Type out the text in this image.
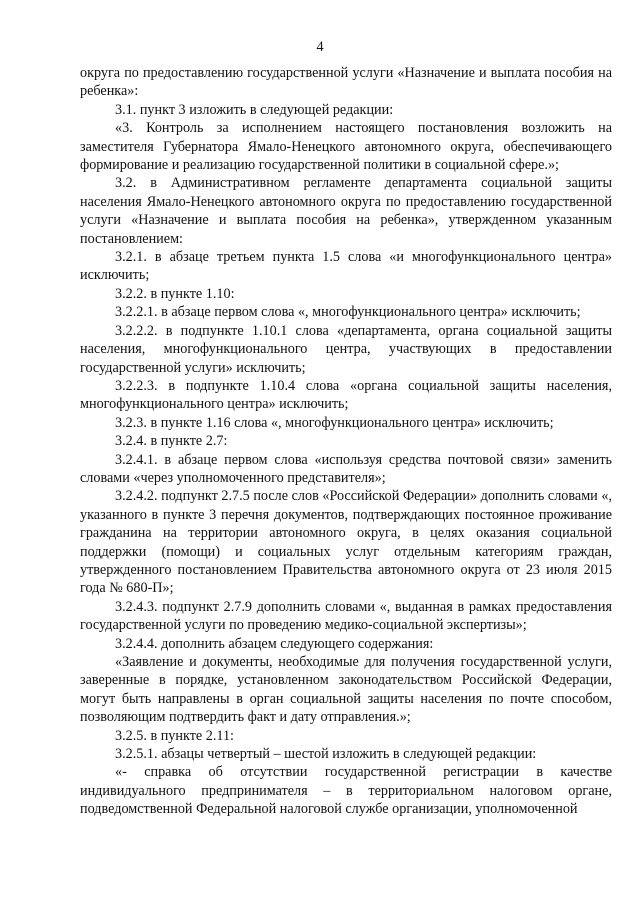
4

округа по предоставлению государственной услуги «Назначение и выплата пособия на ребенка»:

3.1. пункт 3 изложить в следующей редакции:

«3. Контроль за исполнением настоящего постановления возложить на заместителя Губернатора Ямало-Ненецкого автономного округа, обеспечивающего формирование и реализацию государственной политики в социальной сфере.»;

3.2. в Административном регламенте департамента социальной защиты населения Ямало-Ненецкого автономного округа по предоставлению государственной услуги «Назначение и выплата пособия на ребенка», утвержденном указанным постановлением:

3.2.1. в абзаце третьем пункта 1.5 слова «и многофункционального центра» исключить;

3.2.2. в пункте 1.10:

3.2.2.1. в абзаце первом слова «, многофункционального центра» исключить;

3.2.2.2. в подпункте 1.10.1 слова «департамента, органа социальной защиты населения, многофункционального центра, участвующих в предоставлении государственной услуги» исключить;

3.2.2.3. в подпункте 1.10.4 слова «органа социальной защиты населения, многофункционального центра» исключить;

3.2.3. в пункте 1.16 слова «, многофункционального центра» исключить;

3.2.4. в пункте 2.7:

3.2.4.1. в абзаце первом слова «используя средства почтовой связи» заменить словами «через уполномоченного представителя»;

3.2.4.2. подпункт 2.7.5 после слов «Российской Федерации» дополнить словами «, указанного в пункте 3 перечня документов, подтверждающих постоянное проживание гражданина на территории автономного округа, в целях оказания социальной поддержки (помощи) и социальных услуг отдельным категориям граждан, утвержденного постановлением Правительства автономного округа от 23 июля 2015 года № 680-П»;

3.2.4.3. подпункт 2.7.9 дополнить словами «, выданная в рамках предоставления государственной услуги по проведению медико-социальной экспертизы»;

3.2.4.4. дополнить абзацем следующего содержания:

«Заявление и документы, необходимые для получения государственной услуги, заверенные в порядке, установленном законодательством Российской Федерации, могут быть направлены в орган социальной защиты населения по почте способом, позволяющим подтвердить факт и дату отправления.»;

3.2.5. в пункте 2.11:

3.2.5.1. абзацы четвертый – шестой изложить в следующей редакции:

«- справка об отсутствии государственной регистрации в качестве индивидуального предпринимателя – в территориальном налоговом органе, подведомственной Федеральной налоговой службе организации, уполномоченной
